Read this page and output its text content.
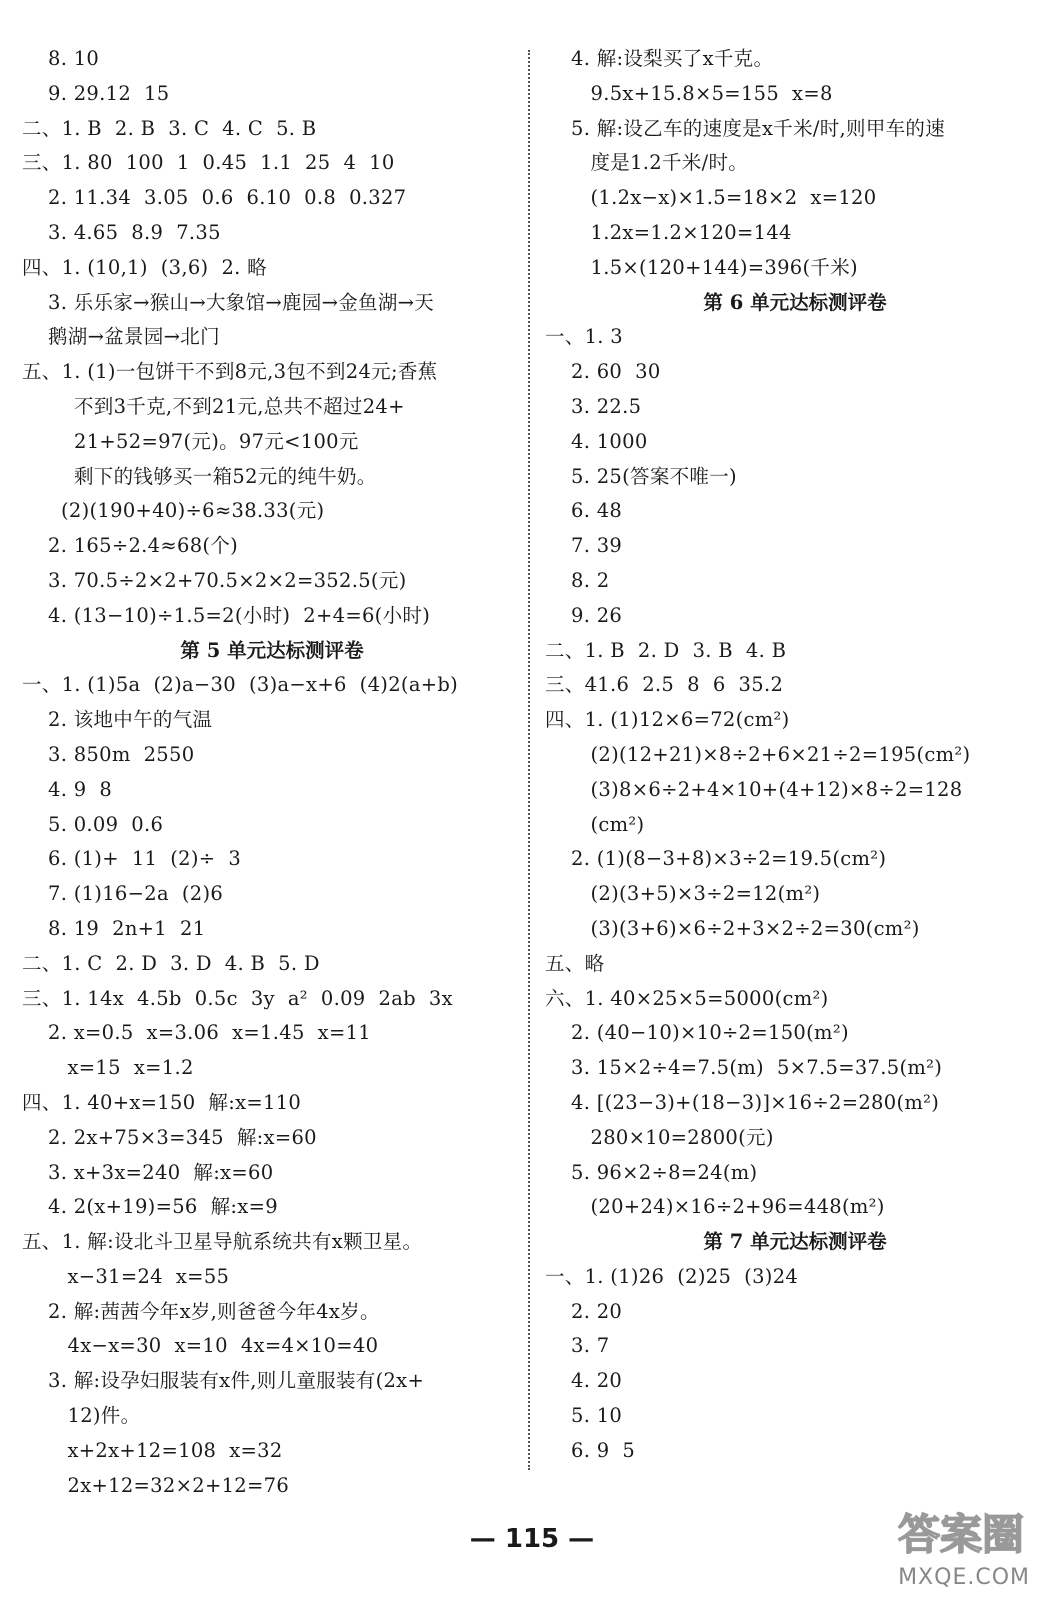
8. 10
9. 29.12  15
二、1. B  2. B  3. C  4. C  5. B
三、1. 80  100  1  0.45  1.1  25  4  10
2. 11.34  3.05  0.6  6.10  0.8  0.327
3. 4.65  8.9  7.35
四、1. (10,1)  (3,6)  2. 略
3. 乐乐家→猴山→大象馆→鹿园→金鱼湖→天
鹅湖→盆景园→北门
五、1. (1)一包饼干不到8元,3包不到24元;香蕉
不到3千克,不到21元,总共不超过24+
21+52=97(元)。97元<100元
剩下的钱够买一箱52元的纯牛奶。
(2)(190+40)÷6≈38.33(元)
2. 165÷2.4≈68(个)
3. 70.5÷2×2+70.5×2×2=352.5(元)
4. (13−10)÷1.5=2(小时)  2+4=6(小时)
第 5 单元达标测评卷
一、1. (1)5a  (2)a−30  (3)a−x+6  (4)2(a+b)
2. 该地中午的气温
3. 850m  2550
4. 9  8
5. 0.09  0.6
6. (1)+  11  (2)÷  3
7. (1)16−2a  (2)6
8. 19  2n+1  21
二、1. C  2. D  3. D  4. B  5. D
三、1. 14x  4.5b  0.5c  3y  a²  0.09  2ab  3x
2. x=0.5  x=3.06  x=1.45  x=11
x=15  x=1.2
四、1. 40+x=150  解:x=110
2. 2x+75×3=345  解:x=60
3. x+3x=240  解:x=60
4. 2(x+19)=56  解:x=9
五、1. 解:设北斗卫星导航系统共有x颗卫星。
x−31=24  x=55
2. 解:茜茜今年x岁,则爸爸今年4x岁。
4x−x=30  x=10  4x=4×10=40
3. 解:设孕妇服装有x件,则儿童服装有(2x+
12)件。
x+2x+12=108  x=32
2x+12=32×2+12=76
4. 解:设梨买了x千克。
9.5x+15.8×5=155  x=8
5. 解:设乙车的速度是x千米/时,则甲车的速
度是1.2千米/时。
(1.2x−x)×1.5=18×2  x=120
1.2x=1.2×120=144
1.5×(120+144)=396(千米)
第 6 单元达标测评卷
一、1. 3
2. 60  30
3. 22.5
4. 1000
5. 25(答案不唯一)
6. 48
7. 39
8. 2
9. 26
二、1. B  2. D  3. B  4. B
三、41.6  2.5  8  6  35.2
四、1. (1)12×6=72(cm²)
(2)(12+21)×8÷2+6×21÷2=195(cm²)
(3)8×6÷2+4×10+(4+12)×8÷2=128
(cm²)
2. (1)(8−3+8)×3÷2=19.5(cm²)
(2)(3+5)×3÷2=12(m²)
(3)(3+6)×6÷2+3×2÷2=30(cm²)
五、略
六、1. 40×25×5=5000(cm²)
2. (40−10)×10÷2=150(m²)
3. 15×2÷4=7.5(m)  5×7.5=37.5(m²)
4. [(23−3)+(18−3)]×16÷2=280(m²)
280×10=2800(元)
5. 96×2÷8=24(m)
(20+24)×16÷2+96=448(m²)
第 7 单元达标测评卷
一、1. (1)26  (2)25  (3)24
2. 20
3. 7
4. 20
5. 10
6. 9  5
— 115 —	答案圈
MXQE.COM
